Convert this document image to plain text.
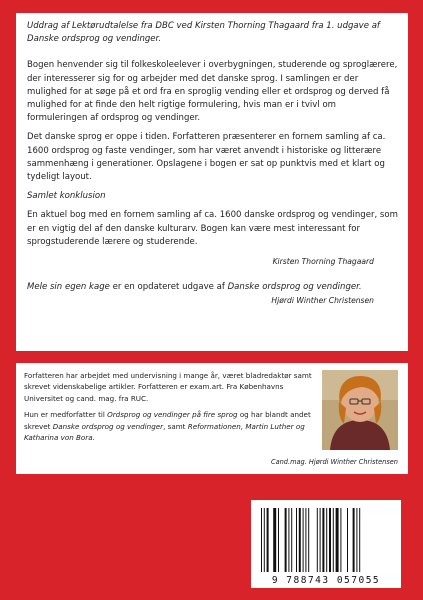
Uddrag af Lektørudtalelse fra DBC ved Kirsten Thorning Thagaard fra 1. udgave af Danske ordsprog og vendinger.

Bogen henvender sig til folkeskoleelever i overbygningen, studerende og sproglærere, der interesserer sig for og arbejder med det danske sprog. I samlingen er der mulighed for at søge på et ord fra en sproglig vending eller et ordsprog og derved få mulighed for at finde den helt rigtige formulering, hvis man er i tvivl om formuleringen af ordsprog og vendinger.

Det danske sprog er oppe i tiden. Forfatteren præsenterer en fornem samling af ca. 1600 ordsprog og faste vendinger, som har været anvendt i historiske og litterære sammenhæng i generationer. Opslagene i bogen er sat op punktvis med et klart og tydeligt layout.

Samlet konklusion

En aktuel bog med en fornem samling af ca. 1600 danske ordsprog og vendinger, som er en vigtig del af den danske kulturarv. Bogen kan være mest interessant for sprogstuderende lærere og studerende.

Kirsten Thorning Thagaard

Mele sin egen kage er en opdateret udgave af Danske ordsprog og vendinger.

Hjørdi Winther Christensen

Forfatteren har arbejdet med undervisning i mange år, været bladredaktør samt skrevet videnskabelige artikler. Forfatteren er exam.art. Fra Københavns Universitet og cand. mag. fra RUC.

Hun er medforfatter til Ordsprog og vendinger på fire sprog og har blandt andet skrevet Danske ordsprog og vendinger, samt Reformationen, Martin Luther og Katharina von Bora.

Cand.mag. Hjørdi Winther Christensen

9 788743 057055
